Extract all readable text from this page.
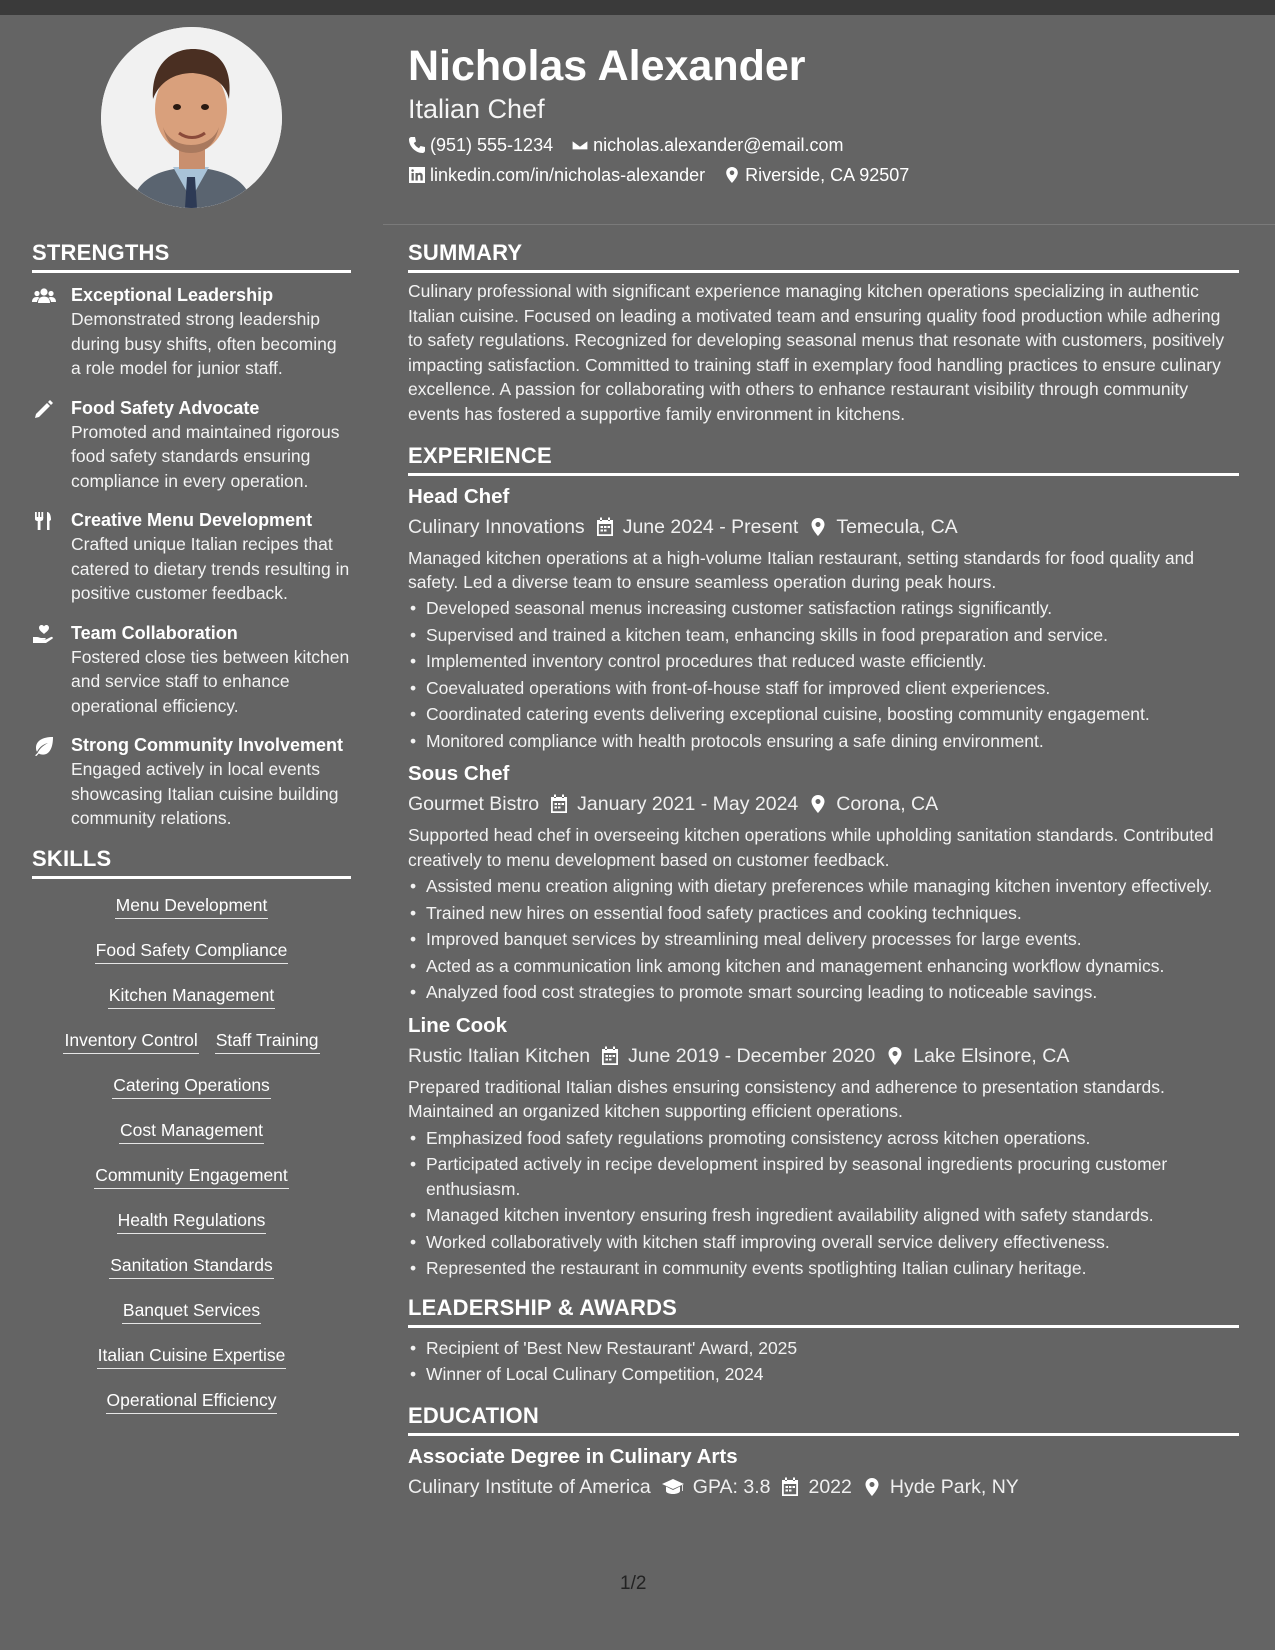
STRENGTHS
Exceptional Leadership
Demonstrated strong leadership during busy shifts, often becoming a role model for junior staff.
Food Safety Advocate
Promoted and maintained rigorous food safety standards ensuring compliance in every operation.
Creative Menu Development
Crafted unique Italian recipes that catered to dietary trends resulting in positive customer feedback.
Team Collaboration
Fostered close ties between kitchen and service staff to enhance operational efficiency.
Strong Community Involvement
Engaged actively in local events showcasing Italian cuisine building community relations.
SKILLS
Menu Development
Food Safety Compliance
Kitchen Management
Inventory Control Staff Training
Catering Operations
Cost Management
Community Engagement
Health Regulations
Sanitation Standards
Banquet Services
Italian Cuisine Expertise
Operational Efficiency
Nicholas Alexander
Italian Chef
(951) 555-1234 nicholas.alexander@email.com
linkedin.com/in/nicholas-alexander Riverside, CA 92507
SUMMARY
Culinary professional with significant experience managing kitchen operations specializing in authentic Italian cuisine. Focused on leading a motivated team and ensuring quality food production while adhering to safety regulations. Recognized for developing seasonal menus that resonate with customers, positively impacting satisfaction. Committed to training staff in exemplary food handling practices to ensure culinary excellence. A passion for collaborating with others to enhance restaurant visibility through community events has fostered a supportive family environment in kitchens.
EXPERIENCE
Head Chef
Culinary Innovations June 2024 - Present Temecula, CA
Managed kitchen operations at a high-volume Italian restaurant, setting standards for food quality and safety. Led a diverse team to ensure seamless operation during peak hours.
• Developed seasonal menus increasing customer satisfaction ratings significantly.
• Supervised and trained a kitchen team, enhancing skills in food preparation and service.
• Implemented inventory control procedures that reduced waste efficiently.
• Coevaluated operations with front-of-house staff for improved client experiences.
• Coordinated catering events delivering exceptional cuisine, boosting community engagement.
• Monitored compliance with health protocols ensuring a safe dining environment.
Sous Chef
Gourmet Bistro January 2021 - May 2024 Corona, CA
Supported head chef in overseeing kitchen operations while upholding sanitation standards. Contributed creatively to menu development based on customer feedback.
• Assisted menu creation aligning with dietary preferences while managing kitchen inventory effectively.
• Trained new hires on essential food safety practices and cooking techniques.
• Improved banquet services by streamlining meal delivery processes for large events.
• Acted as a communication link among kitchen and management enhancing workflow dynamics.
• Analyzed food cost strategies to promote smart sourcing leading to noticeable savings.
Line Cook
Rustic Italian Kitchen June 2019 - December 2020 Lake Elsinore, CA
Prepared traditional Italian dishes ensuring consistency and adherence to presentation standards. Maintained an organized kitchen supporting efficient operations.
• Emphasized food safety regulations promoting consistency across kitchen operations.
• Participated actively in recipe development inspired by seasonal ingredients procuring customer enthusiasm.
• Managed kitchen inventory ensuring fresh ingredient availability aligned with safety standards.
• Worked collaboratively with kitchen staff improving overall service delivery effectiveness.
• Represented the restaurant in community events spotlighting Italian culinary heritage.
LEADERSHIP & AWARDS
• Recipient of 'Best New Restaurant' Award, 2025
• Winner of Local Culinary Competition, 2024
EDUCATION
Associate Degree in Culinary Arts
Culinary Institute of America GPA: 3.8 2022 Hyde Park, NY
1/2
